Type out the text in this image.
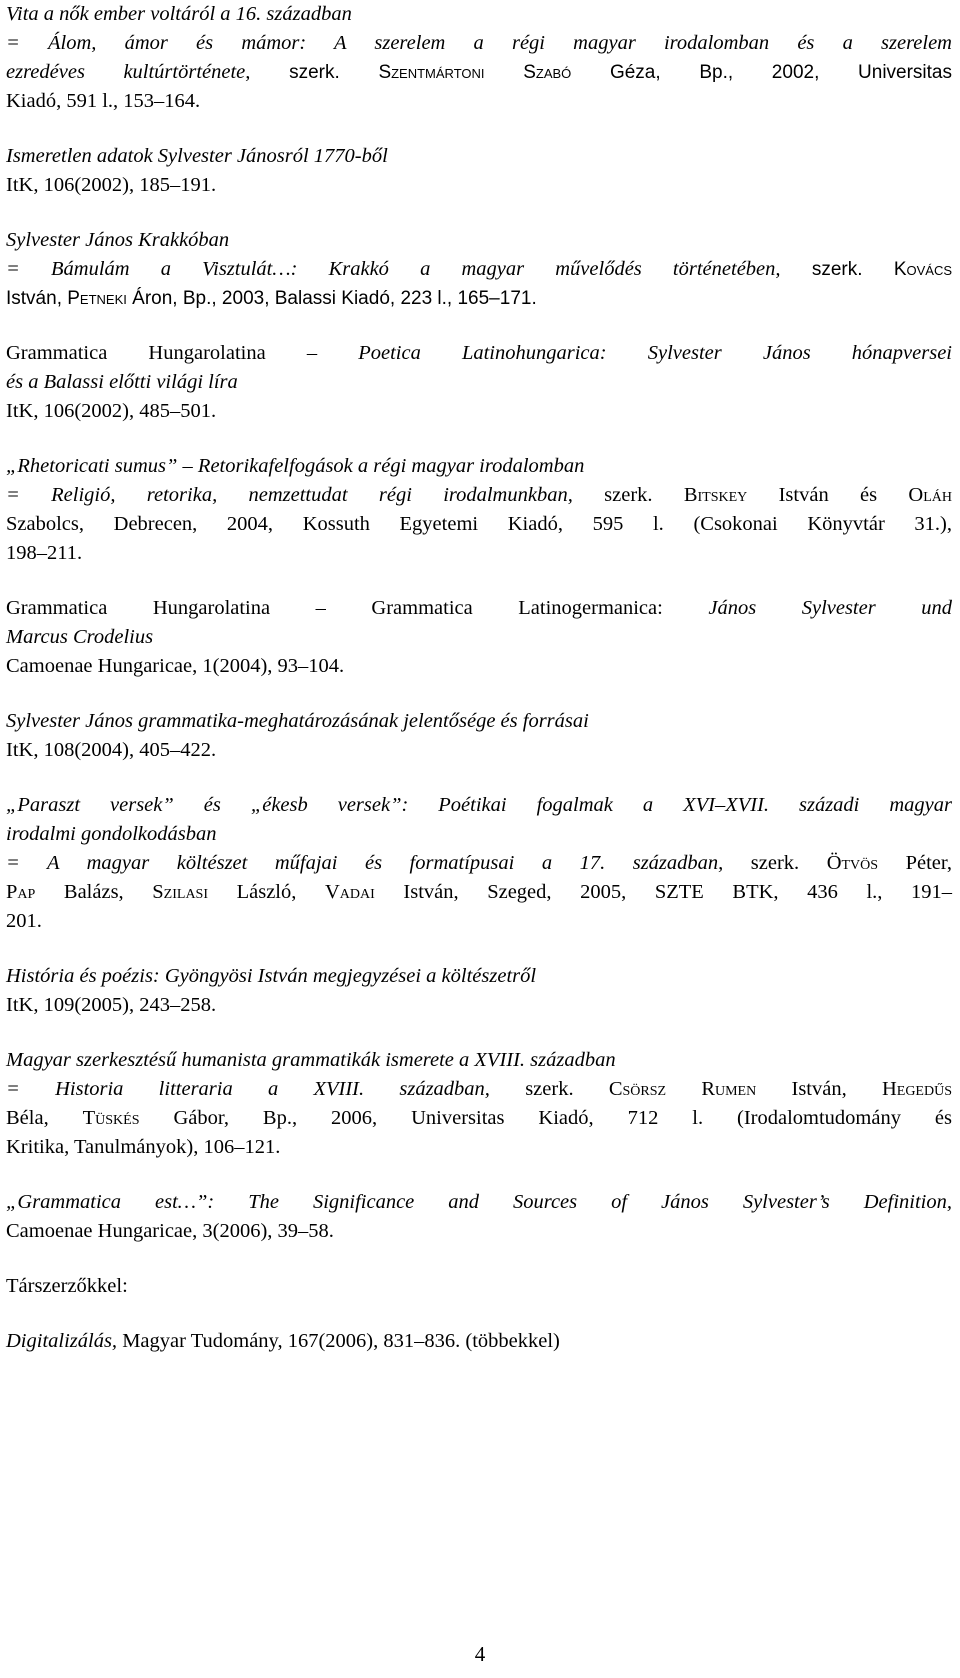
Vita a nők ember voltáról a 16. században
= Álom, ámor és mámor: A szerelem a régi magyar irodalomban és a szerelem
ezredéves kultúrtörténete, szerk. Szentmártoni Szabó Géza, Bp., 2002, Universitas
Kiadó, 591 l., 153–164.
Ismeretlen adatok Sylvester Jánosról 1770-ből
ItK, 106(2002), 185–191.
Sylvester János Krakkóban
= Bámulám a Visztulát…: Krakkó a magyar művelődés történetében, szerk. Kovács
István, Petneki Áron, Bp., 2003, Balassi Kiadó, 223 l., 165–171.
Grammatica Hungarolatina – Poetica Latinohungarica: Sylvester János hónapversei
és a Balassi előtti világi líra
ItK, 106(2002), 485–501.
„Rhetoricati sumus” – Retorikafelfogások a régi magyar irodalomban
= Religió, retorika, nemzettudat régi irodalmunkban, szerk. Bitskey István és Oláh
Szabolcs, Debrecen, 2004, Kossuth Egyetemi Kiadó, 595 l. (Csokonai Könyvtár 31.),
198–211.
Grammatica Hungarolatina – Grammatica Latinogermanica: János Sylvester und
Marcus Crodelius
Camoenae Hungaricae, 1(2004), 93–104.
Sylvester János grammatika-meghatározásának jelentősége és forrásai
ItK, 108(2004), 405–422.
„Paraszt versek” és „ékesb versek”: Poétikai fogalmak a XVI–XVII. századi magyar
irodalmi gondolkodásban
= A magyar költészet műfajai és formatípusai a 17. században, szerk. Ötvös Péter,
Pap Balázs, Szilasi László, Vadai István, Szeged, 2005, SZTE BTK, 436 l., 191–
201.
História és poézis: Gyöngyösi István megjegyzései a költészetről
ItK, 109(2005), 243–258.
Magyar szerkesztésű humanista grammatikák ismerete a XVIII. században
= Historia litteraria a XVIII. században, szerk. Csörsz Rumen István, Hegedűs
Béla, Tüskés Gábor, Bp., 2006, Universitas Kiadó, 712 l. (Irodalomtudomány és
Kritika, Tanulmányok), 106–121.
„Grammatica est…”: The Significance and Sources of János Sylvester’s Definition,
Camoenae Hungaricae, 3(2006), 39–58.
Társzerzőkkel:
Digitalizálás, Magyar Tudomány, 167(2006), 831–836. (többekkel)
4
